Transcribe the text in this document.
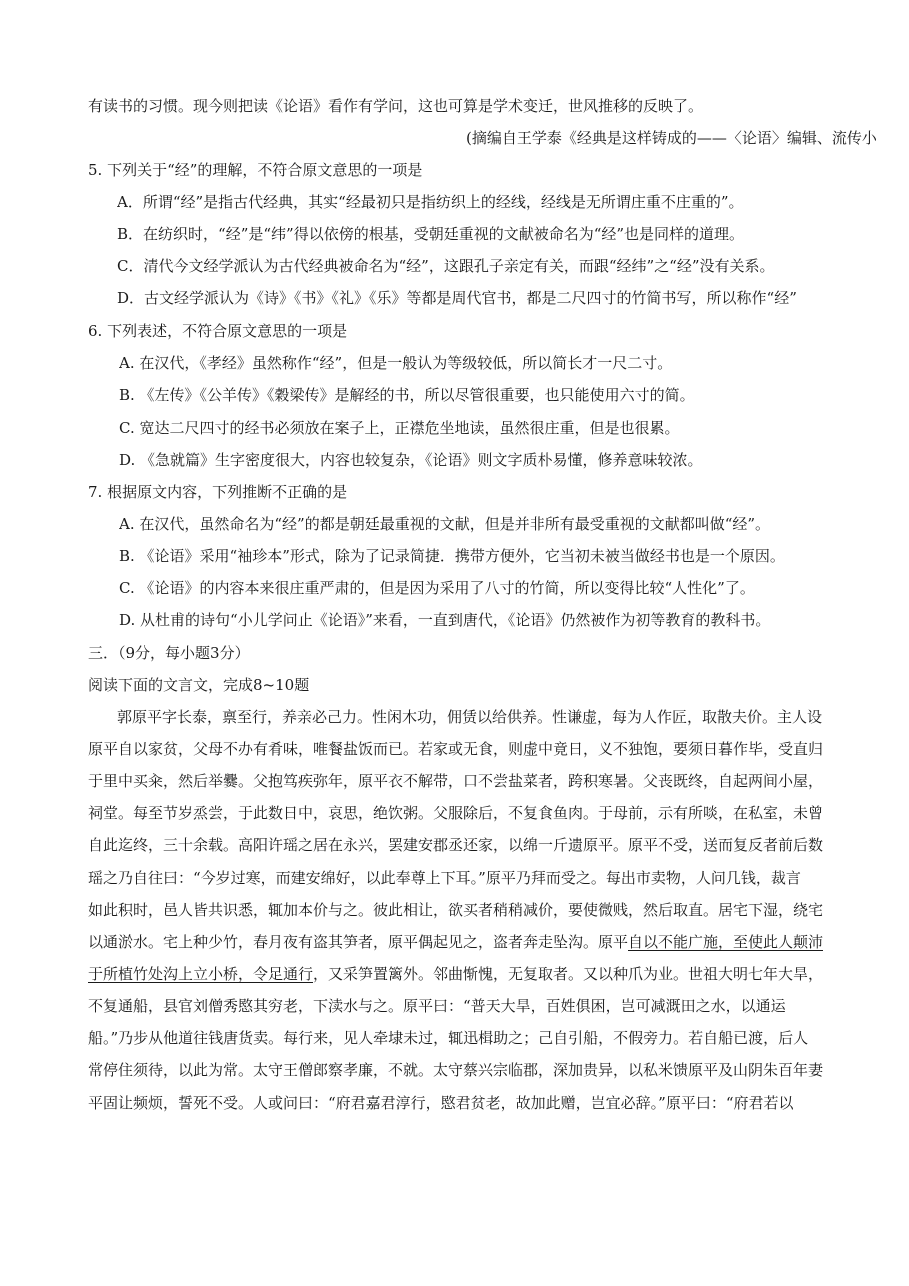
有读书的习惯。现今则把读《论语》看作有学问，这也可算是学术变迁，世风推移的反映了。
(摘编自王学泰《经典是这样铸成的——〈论语〉编辑、流传小
5. 下列关于“经”的理解，不符合原文意思的一项是
A．所谓“经”是指古代经典，其实“经最初只是指纺织上的经线，经线是无所谓庄重不庄重的”。
B．在纺织时，“经”是“纬”得以依傍的根基，受朝廷重视的文献被命名为“经”也是同样的道理。
C．清代今文经学派认为古代经典被命名为“经”，这跟孔子亲定有关，而跟“经纬”之“经”没有关系。
D．古文经学派认为《诗》《书》《礼》《乐》等都是周代官书，都是二尺四寸的竹简书写，所以称作“经”
6. 下列表述，不符合原文意思的一项是
A. 在汉代，《孝经》虽然称作“经”，但是一般认为等级较低，所以简长才一尺二寸。
B. 《左传》《公羊传》《穀梁传》是解经的书，所以尽管很重要，也只能使用六寸的简。
C. 宽达二尺四寸的经书必须放在案子上，正襟危坐地读，虽然很庄重，但是也很累。
D. 《急就篇》生字密度很大，内容也较复杂，《论语》则文字质朴易懂，修养意味较浓。
7. 根据原文内容，下列推断不正确的是
A. 在汉代，虽然命名为“经”的都是朝廷最重视的文献，但是并非所有最受重视的文献都叫做“经”。
B. 《论语》采用“袖珍本”形式，除为了记录简捷．携带方便外，它当初未被当做经书也是一个原因。
C. 《论语》的内容本来很庄重严肃的，但是因为采用了八寸的竹简，所以变得比较“人性化”了。
D. 从杜甫的诗句“小儿学问止《论语》”来看，一直到唐代，《论语》仍然被作为初等教育的教科书。
三．（9分，每小题3分）
阅读下面的文言文，完成8~10题
郭原平字长泰，禀至行，养亲必己力。性闲木功，佣赁以给供养。性谦虚，每为人作匠，取散夫价。主人设
原平自以家贫，父母不办有肴味，唯餐盐饭而已。若家或无食，则虚中竟日，义不独饱，要须日暮作毕，受直归
于里中买籴，然后举爨。父抱笃疾弥年，原平衣不解带，口不尝盐菜者，跨积寒暑。父丧既终，自起两间小屋，
祠堂。每至节岁烝尝，于此数日中，哀思，绝饮粥。父服除后，不复食鱼肉。于母前，示有所啖，在私室，未曾
自此迄终，三十余载。高阳许瑶之居在永兴，罢建安郡丞还家，以绵一斤遗原平。原平不受，送而复反者前后数
瑶之乃自往曰：“今岁过寒，而建安绵好，以此奉尊上下耳。”原平乃拜而受之。每出市卖物，人问几钱，裁言
如此积时，邑人皆共识悉，辄加本价与之。彼此相让，欲买者稍稍减价，要使微贱，然后取直。居宅下湿，绕宅
以通淤水。宅上种少竹，春月夜有盗其笋者，原平偶起见之，盗者奔走坠沟。原平自以不能广施，至使此人颠沛
于所植竹处沟上立小桥，令足通行，又采笋置篱外。邻曲惭愧，无复取者。又以种爪为业。世祖大明七年大旱，
不复通船，县官刘僧秀愍其穷老，下渎水与之。原平曰：“普天大旱，百姓俱困，岂可减溉田之水，以通运
船。”乃步从他道往钱唐货卖。每行来，见人牵埭未过，辄迅楫助之；己自引船，不假旁力。若自船已渡，后人
常停住须待，以此为常。太守王僧郎察孝廉，不就。太守蔡兴宗临郡，深加贵异，以私米馈原平及山阴朱百年妻
平固让频烦，誓死不受。人或问曰：“府君嘉君淳行，愍君贫老，故加此赠，岂宜必辞。”原平曰：“府君若以
